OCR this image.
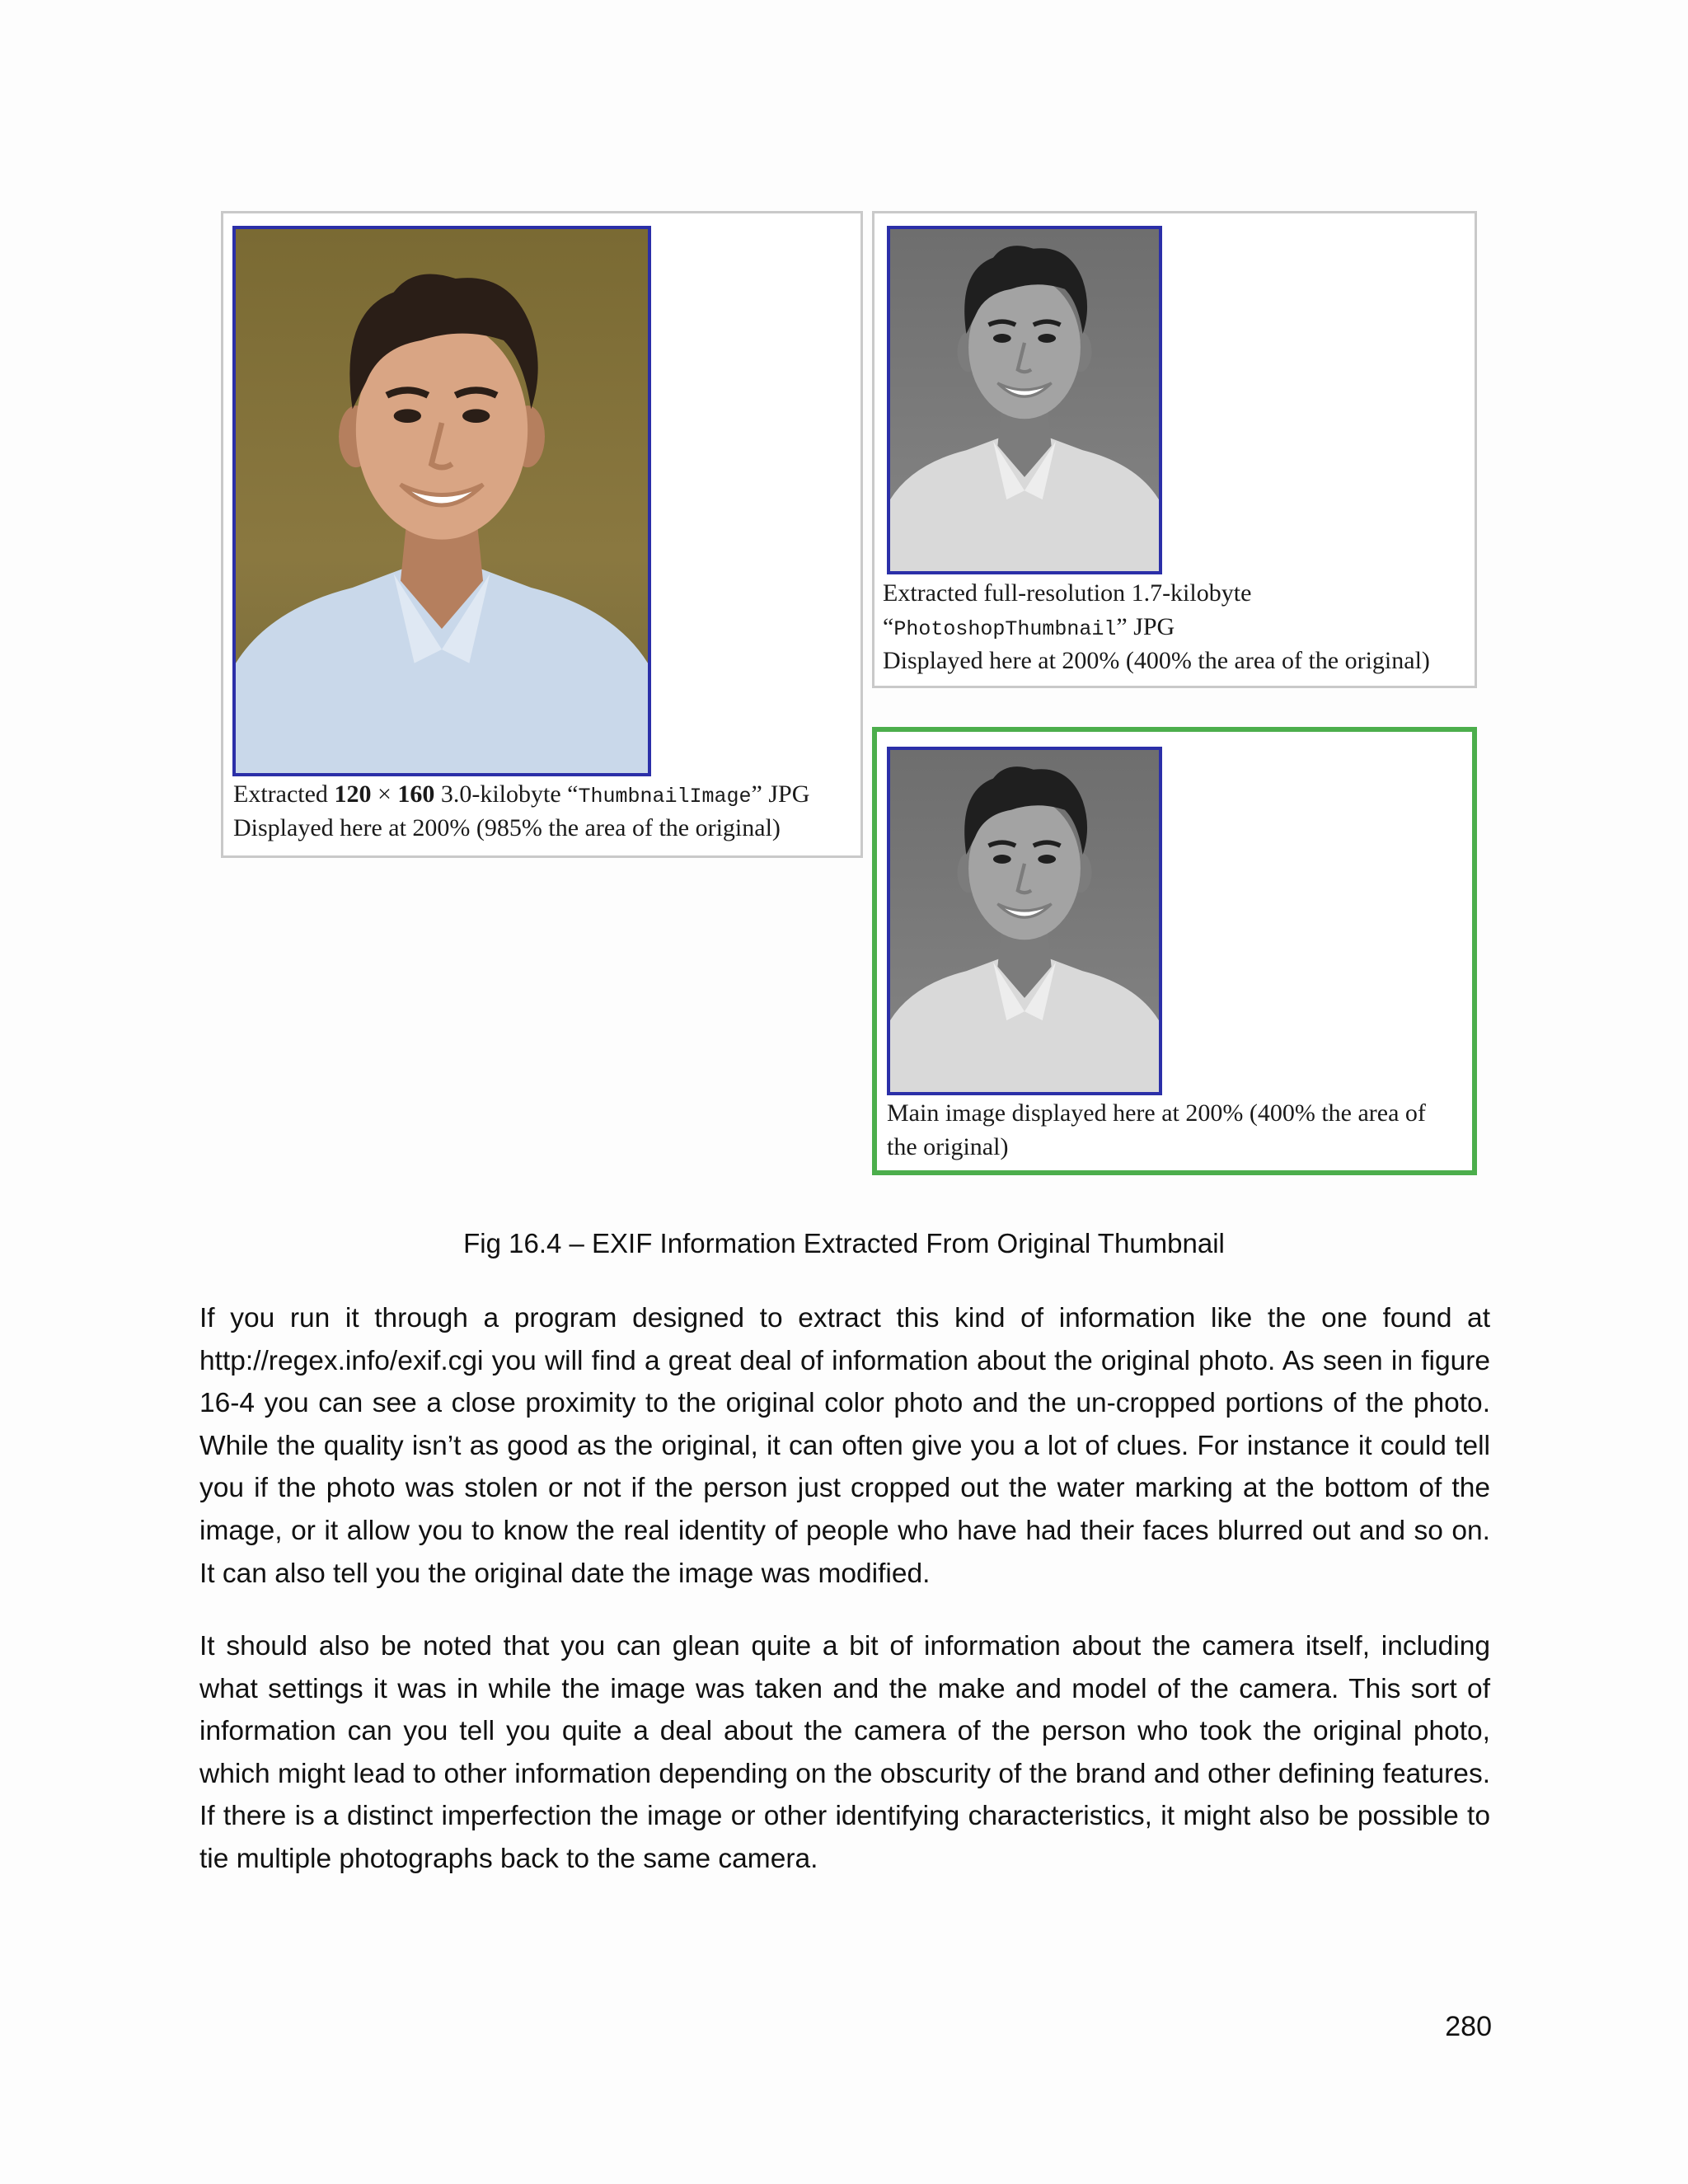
Extracted 120 × 160 3.0-kilobyte “ThumbnailImage” JPG
Displayed here at 200% (985% the area of the original)
Extracted full-resolution 1.7-kilobyte
“PhotoshopThumbnail” JPG
Displayed here at 200% (400% the area of the original)
Main image displayed here at 200% (400% the area of
the original)
Fig 16.4 – EXIF Information Extracted From Original Thumbnail

If you run it through a program designed to extract this kind of information like the one found at http://regex.info/exif.cgi you will find a great deal of information about the original photo. As seen in figure 16-4 you can see a close proximity to the original color photo and the un-cropped portions of the photo. While the quality isn’t as good as the original, it can often give you a lot of clues. For instance it could tell you if the photo was stolen or not if the person just cropped out the water marking at the bottom of the image, or it allow you to know the real identity of people who have had their faces blurred out and so on. It can also tell you the original date the image was modified.

It should also be noted that you can glean quite a bit of information about the camera itself, including what settings it was in while the image was taken and the make and model of the camera. This sort of information can you tell you quite a deal about the camera of the person who took the original photo, which might lead to other information depending on the obscurity of the brand and other defining features. If there is a distinct imperfection the image or other identifying characteristics, it might also be possible to tie multiple photographs back to the same camera.

280
